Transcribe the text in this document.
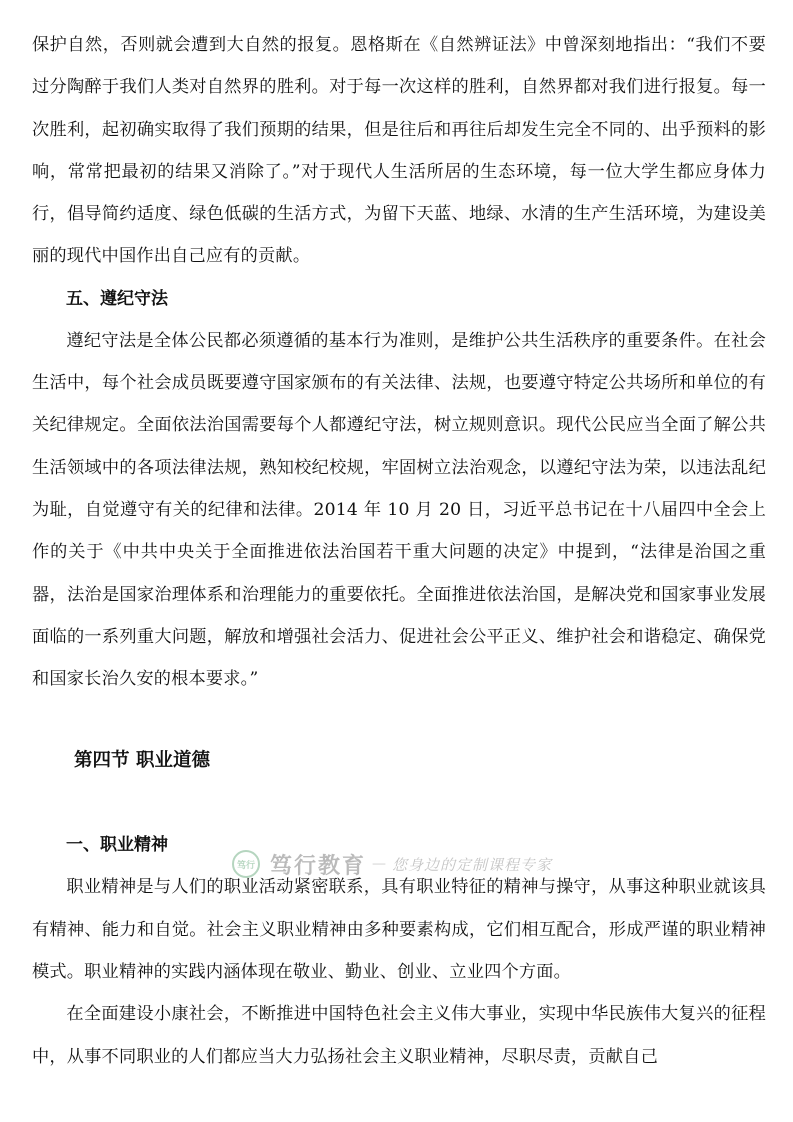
保护自然，否则就会遭到大自然的报复。恩格斯在《自然辨证法》中曾深刻地指出：“我们不要过分陶醉于我们人类对自然界的胜利。对于每一次这样的胜利，自然界都对我们进行报复。每一次胜利，起初确实取得了我们预期的结果，但是往后和再往后却发生完全不同的、出乎预料的影响，常常把最初的结果又消除了。”对于现代人生活所居的生态环境，每一位大学生都应身体力行，倡导简约适度、绿色低碳的生活方式，为留下天蓝、地绿、水清的生产生活环境，为建设美丽的现代中国作出自己应有的贡献。

五、遵纪守法

遵纪守法是全体公民都必须遵循的基本行为准则，是维护公共生活秩序的重要条件。在社会生活中，每个社会成员既要遵守国家颁布的有关法律、法规，也要遵守特定公共场所和单位的有关纪律规定。全面依法治国需要每个人都遵纪守法，树立规则意识。现代公民应当全面了解公共生活领域中的各项法律法规，熟知校纪校规，牢固树立法治观念，以遵纪守法为荣，以违法乱纪为耻，自觉遵守有关的纪律和法律。2014 年 10 月 20 日，习近平总书记在十八届四中全会上作的关于《中共中央关于全面推进依法治国若干重大问题的决定》中提到，“法律是治国之重器，法治是国家治理体系和治理能力的重要依托。全面推进依法治国，是解决党和国家事业发展面临的一系列重大问题，解放和增强社会活力、促进社会公平正义、维护社会和谐稳定、确保党和国家长治久安的根本要求。”

第四节 职业道德
一、职业精神

职业精神是与人们的职业活动紧密联系，具有职业特征的精神与操守，从事这种职业就该具有精神、能力和自觉。社会主义职业精神由多种要素构成，它们相互配合，形成严谨的职业精神模式。职业精神的实践内涵体现在敬业、勤业、创业、立业四个方面。

在全面建设小康社会，不断推进中国特色社会主义伟大事业，实现中华民族伟大复兴的征程中，从事不同职业的人们都应当大力弘扬社会主义职业精神，尽职尽责，贡献自己

笃行 笃行教育 — 您身边的定制课程专家
